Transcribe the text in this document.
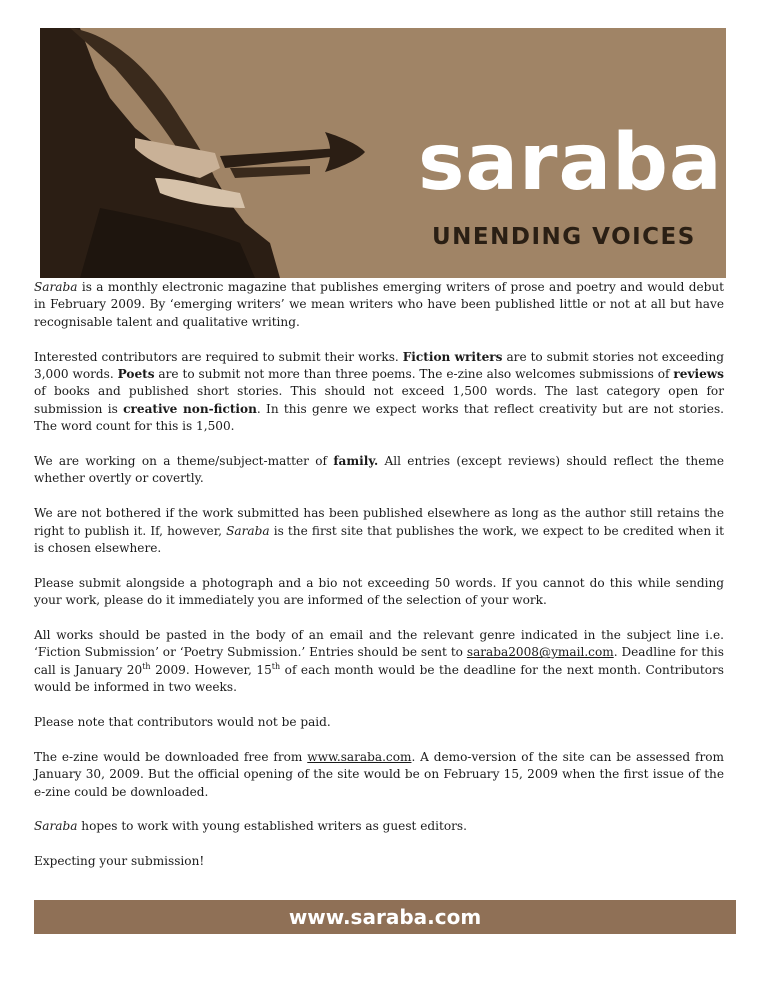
saraba
UNENDING VOICES

Saraba is a monthly electronic magazine that publishes emerging writers of prose and poetry and would debut in February 2009. By ‘emerging writers’ we mean writers who have been published little or not at all but have recognisable talent and qualitative writing.

Interested contributors are required to submit their works. Fiction writers are to submit stories not exceeding 3,000 words. Poets are to submit not more than three poems. The e-zine also welcomes submissions of reviews of books and published short stories. This should not exceed 1,500 words. The last category open for submission is creative non-fiction. In this genre we expect works that reflect creativity but are not stories. The word count for this is 1,500.

We are working on a theme/subject-matter of family. All entries (except reviews) should reflect the theme whether overtly or covertly.

We are not bothered if the work submitted has been published elsewhere as long as the author still retains the right to publish it. If, however, Saraba is the first site that publishes the work, we expect to be credited when it is chosen elsewhere.

Please submit alongside a photograph and a bio not exceeding 50 words. If you cannot do this while sending your work, please do it immediately you are informed of the selection of your work.

All works should be pasted in the body of an email and the relevant genre indicated in the subject line i.e. ‘Fiction Submission’ or ‘Poetry Submission.’ Entries should be sent to saraba2008@ymail.com. Deadline for this call is January 20th 2009. However, 15th of each month would be the deadline for the next month. Contributors would be informed in two weeks.

Please note that contributors would not be paid.

The e-zine would be downloaded free from www.saraba.com. A demo-version of the site can be assessed from January 30, 2009. But the official opening of the site would be on February 15, 2009 when the first issue of the e-zine could be downloaded.

Saraba hopes to work with young established writers as guest editors.

Expecting your submission!

www.saraba.com
